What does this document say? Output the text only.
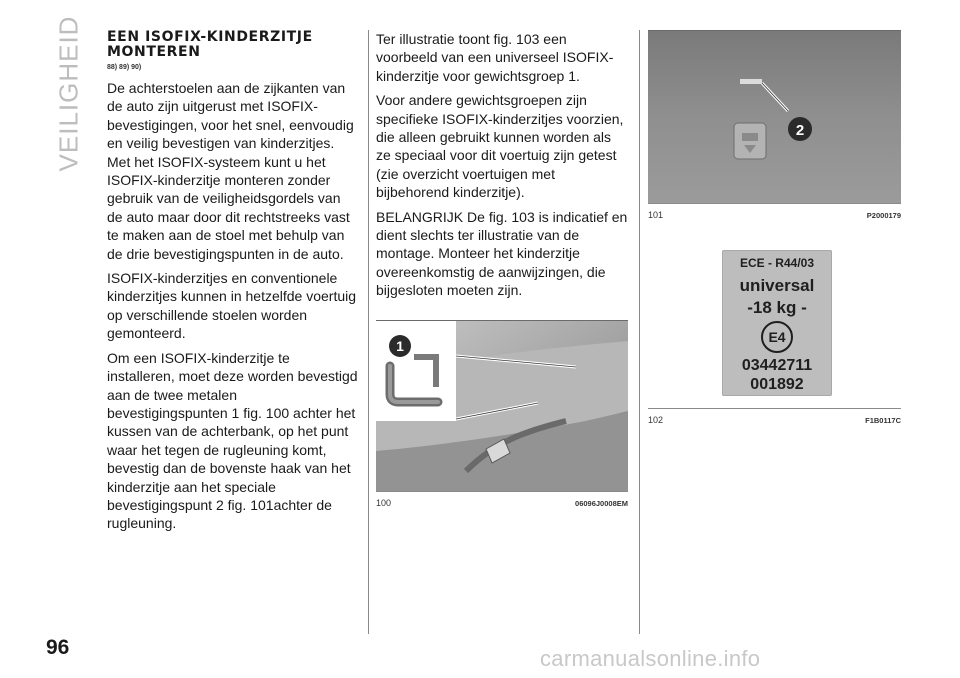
VEILIGHEID
96
EEN ISOFIX-KINDERZITJE
MONTEREN
88) 89) 90)

De achterstoelen aan de zijkanten van de auto zijn uitgerust met ISOFIX-bevestigingen, voor het snel, eenvoudig en veilig bevestigen van kinderzitjes. Met het ISOFIX-systeem kunt u het ISOFIX-kinderzitje monteren zonder gebruik van de veiligheidsgordels van de auto maar door dit rechtstreeks vast te maken aan de stoel met behulp van de drie bevestigingspunten in de auto.

ISOFIX-kinderzitjes en conventionele kinderzitjes kunnen in hetzelfde voertuig op verschillende stoelen worden gemonteerd.

Om een ISOFIX-kinderzitje te installeren, moet deze worden bevestigd aan de twee metalen bevestigingspunten 1 fig. 100 achter het kussen van de achterbank, op het punt waar het tegen de rugleuning komt, bevestig dan de bovenste haak van het kinderzitje aan het speciale bevestigingspunt 2 fig. 101achter de rugleuning.

Ter illustratie toont fig. 103 een voorbeeld van een universeel ISOFIX-kinderzitje voor gewichtsgroep 1.

Voor andere gewichtsgroepen zijn specifieke ISOFIX-kinderzitjes voorzien, die alleen gebruikt kunnen worden als ze speciaal voor dit voertuig zijn getest (zie overzicht voertuigen met bijbehorend kinderzitje).

BELANGRIJK De fig. 103 is indicatief en dient slechts ter illustratie van de montage. Monteer het kinderzitje overeenkomstig de aanwijzingen, die bijgesloten moeten zijn.

1
100	06096J0008EM
2
101	P2000179
ECE - R44/03
universal
-18 kg -
E4
03442711
001892
102	F1B0117C
carmanualsonline.info
